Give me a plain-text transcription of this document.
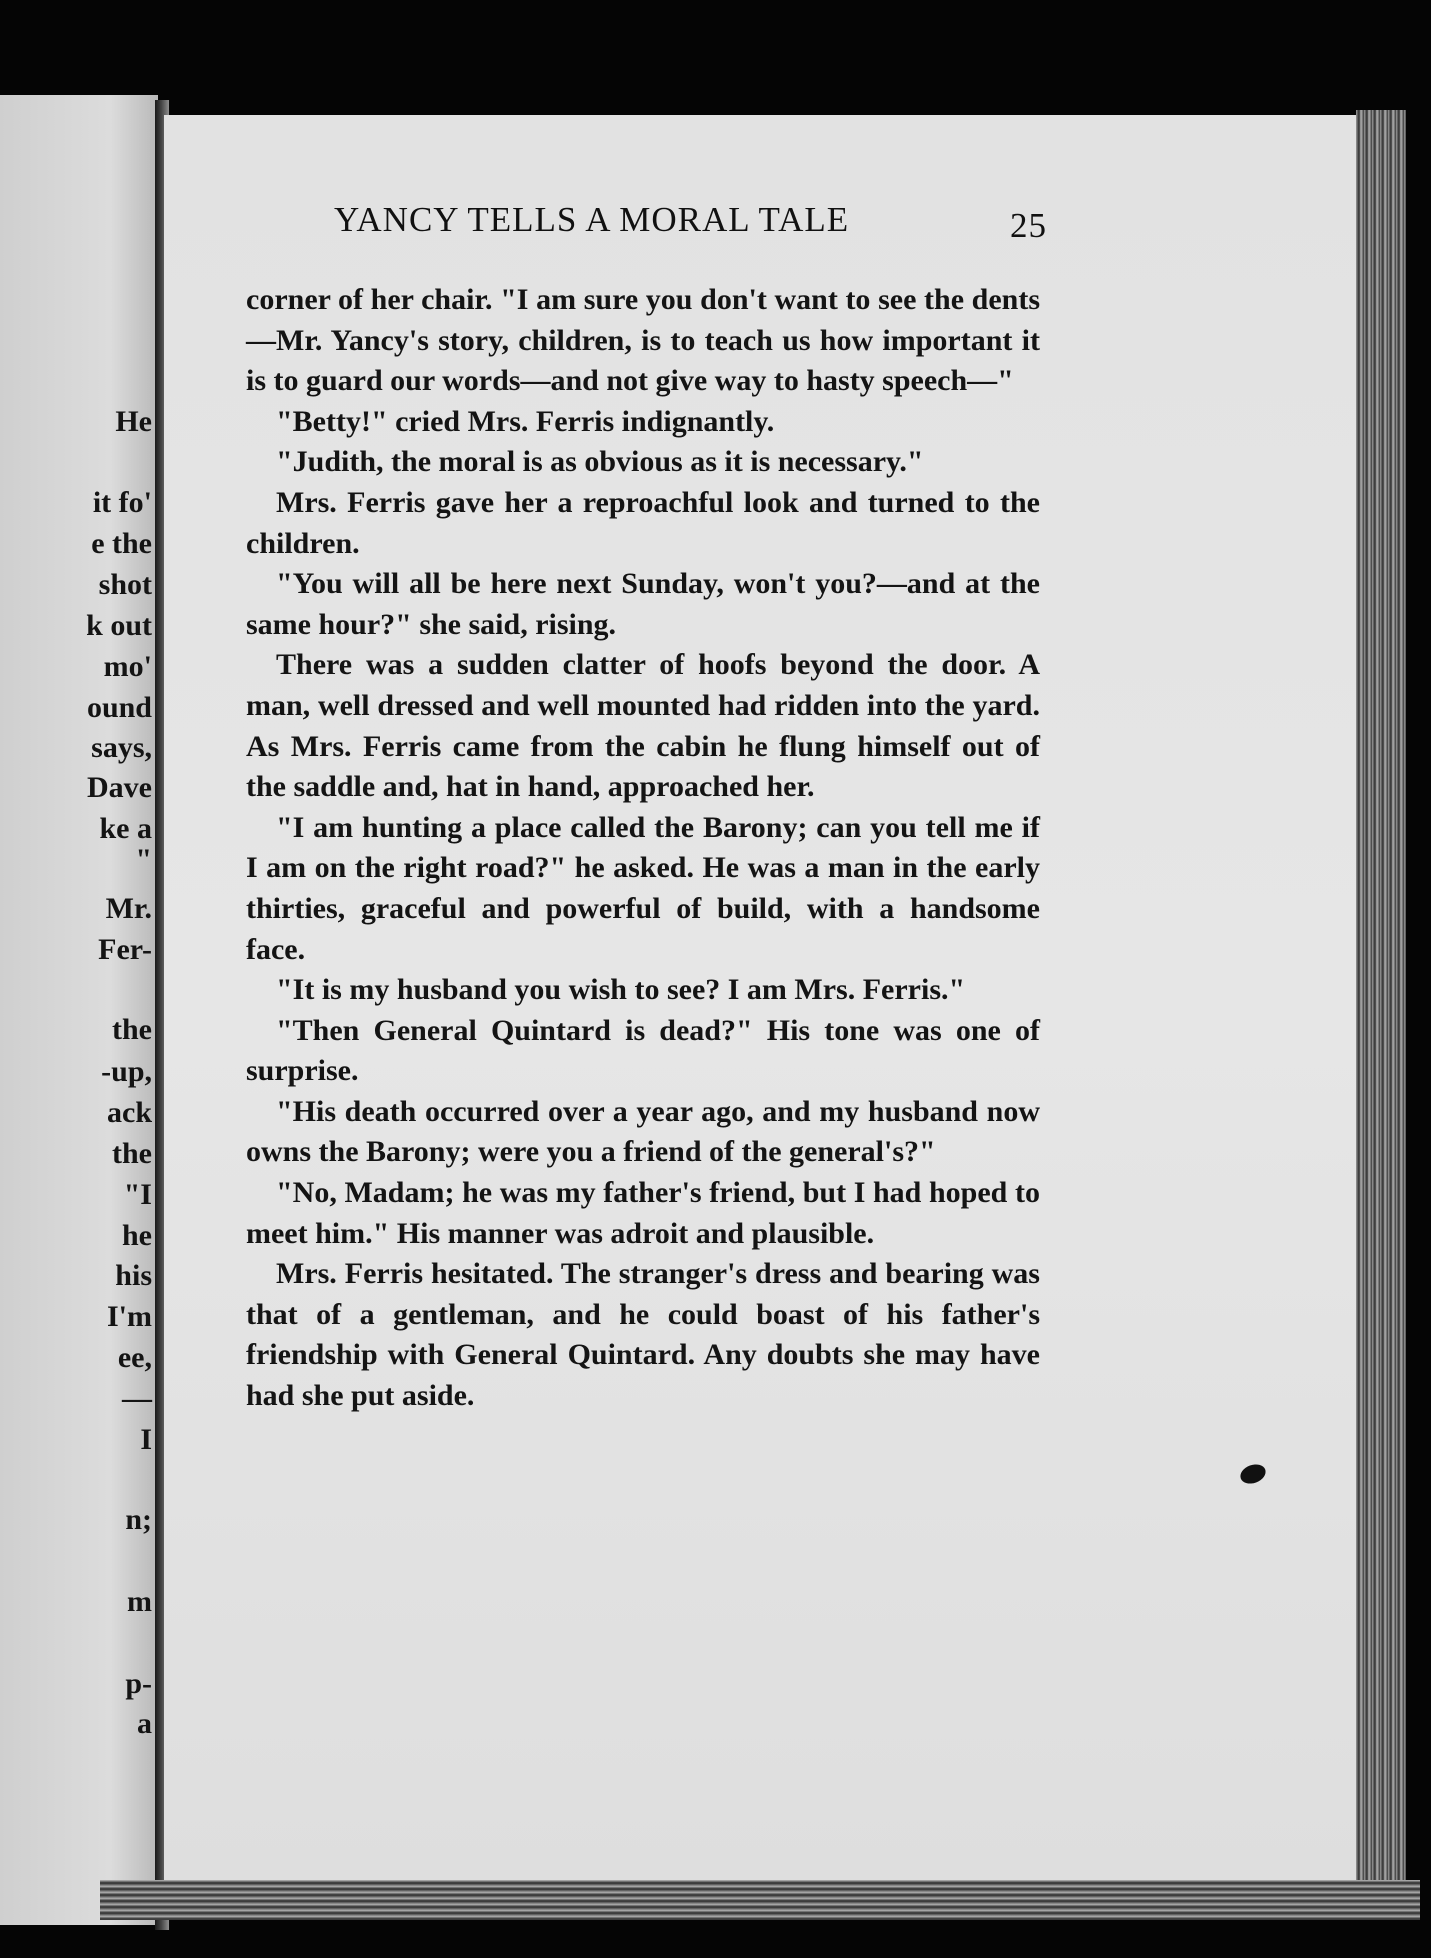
He
it fo'
e the
shot
k out
mo'
ound
says,
Dave
ke a
"
Mr.
Fer-
the
-up,
ack
the
"I
he
his
I'm
ee,
—
I
n;
m
p-
a
YANCY TELLS A MORAL TALE	25

corner of her chair. "I am sure you don't want to see the dents—Mr. Yancy's story, children, is to teach us how important it is to guard our words—and not give way to hasty speech—"

"Betty!" cried Mrs. Ferris indignantly.

"Judith, the moral is as obvious as it is necessary."

Mrs. Ferris gave her a reproachful look and turned to the children.

"You will all be here next Sunday, won't you?—and at the same hour?" she said, rising.

There was a sudden clatter of hoofs beyond the door. A man, well dressed and well mounted had ridden into the yard. As Mrs. Ferris came from the cabin he flung himself out of the saddle and, hat in hand, approached her.

"I am hunting a place called the Barony; can you tell me if I am on the right road?" he asked. He was a man in the early thirties, graceful and powerful of build, with a handsome face.

"It is my husband you wish to see? I am Mrs. Ferris."

"Then General Quintard is dead?" His tone was one of surprise.

"His death occurred over a year ago, and my husband now owns the Barony; were you a friend of the general's?"

"No, Madam; he was my father's friend, but I had hoped to meet him." His manner was adroit and plausible.

Mrs. Ferris hesitated. The stranger's dress and bearing was that of a gentleman, and he could boast of his father's friendship with General Quintard. Any doubts she may have had she put aside.
